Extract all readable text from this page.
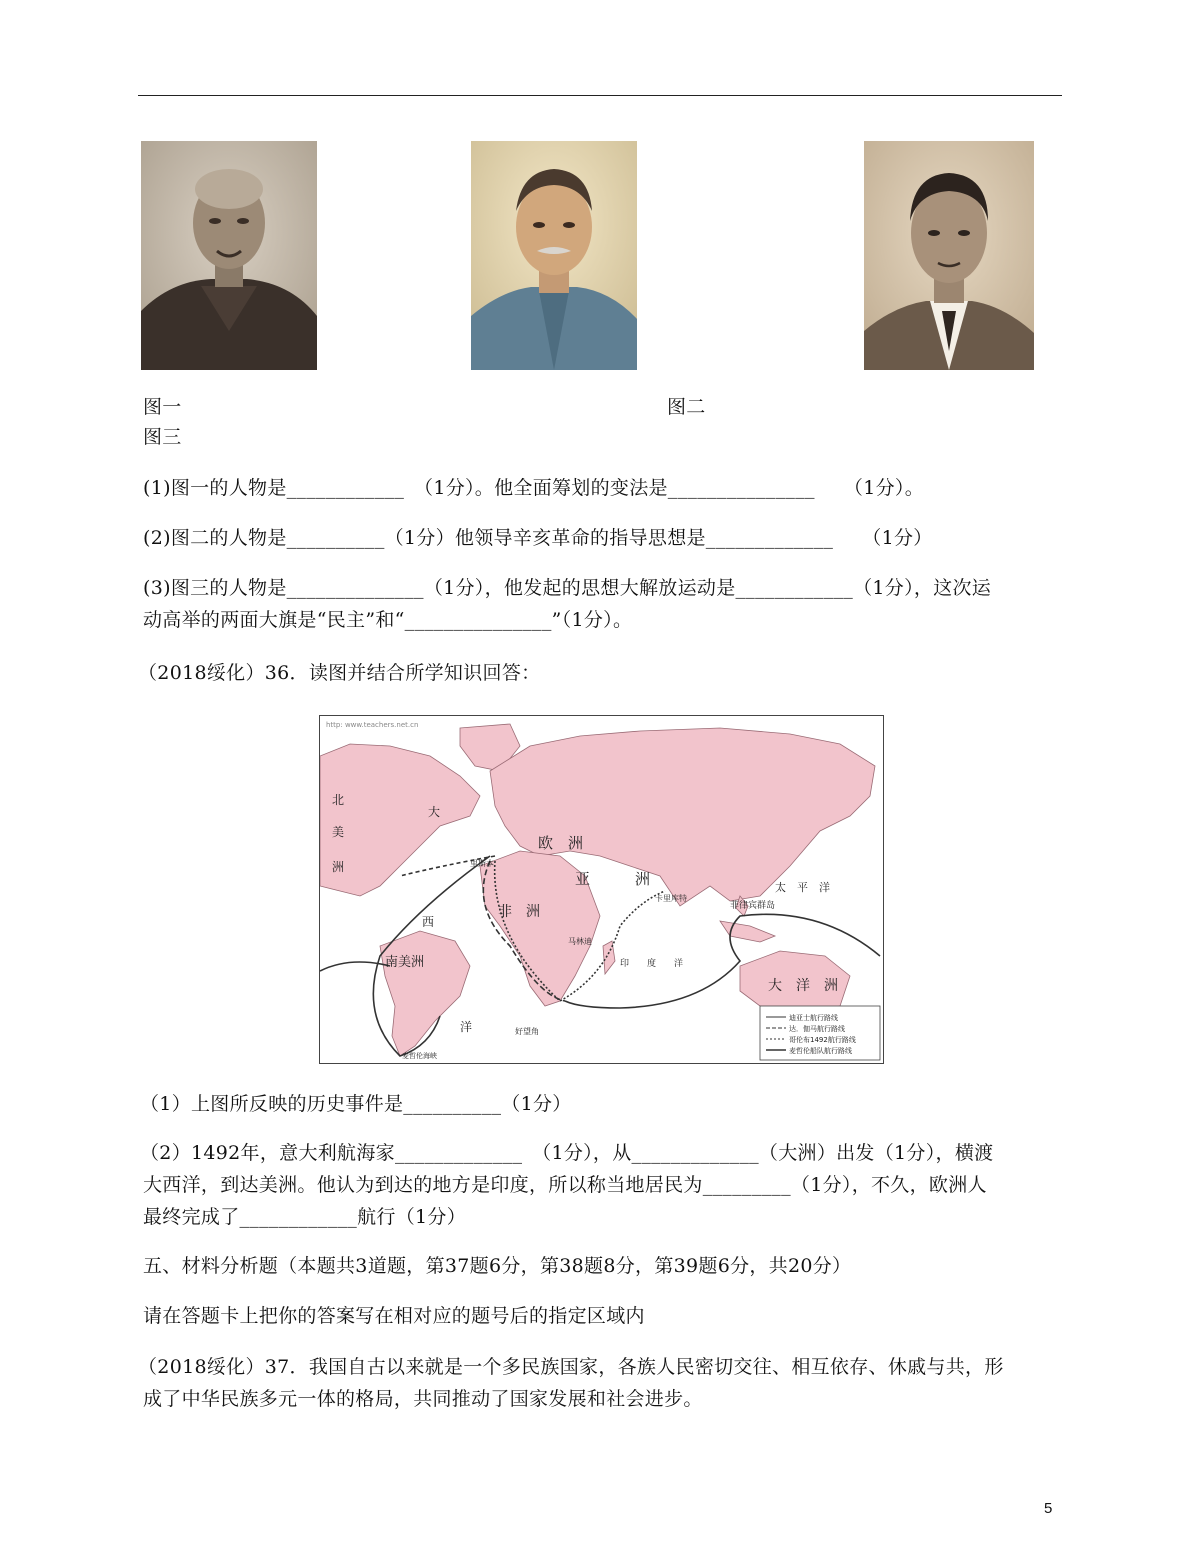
图一	图二
图三
(1)图一的人物是____________　（1分）。他全面筹划的变法是_______________　　（1分）。
(2)图二的人物是__________（1分）他领导辛亥革命的指导思想是_____________　　（1分）
(3)图三的人物是______________（1分），他发起的思想大解放运动是____________（1分），这次运
动高举的两面大旗是“民主”和“_______________”（1分）。
（2018绥化）36．读图并结合所学知识回答：
http: www.teachers.net.cn
北
美
洲
南美洲
欧　洲
亚　　　洲
非　洲
大　洋　洲
大
西
洋
太　平　洋
印　　度　　洋
里斯本
卡里库特
马林迪
菲律宾群岛
好望角
麦哲伦海峡
迪亚士航行路线
达．伽马航行路线
哥伦布1492航行路线
麦哲伦船队航行路线
（1）上图所反映的历史事件是__________（1分）
（2）1492年，意大利航海家_____________　（1分），从_____________（大洲）出发（1分），横渡
大西洋，到达美洲。他认为到达的地方是印度，所以称当地居民为_________（1分），不久，欧洲人
最终完成了____________航行（1分）
五、材料分析题（本题共3道题，第37题6分，第38题8分，第39题6分，共20分）
请在答题卡上把你的答案写在相对应的题号后的指定区域内
（2018绥化）37．我国自古以来就是一个多民族国家，各族人民密切交往、相互依存、休戚与共，形
成了中华民族多元一体的格局，共同推动了国家发展和社会进步。
5
